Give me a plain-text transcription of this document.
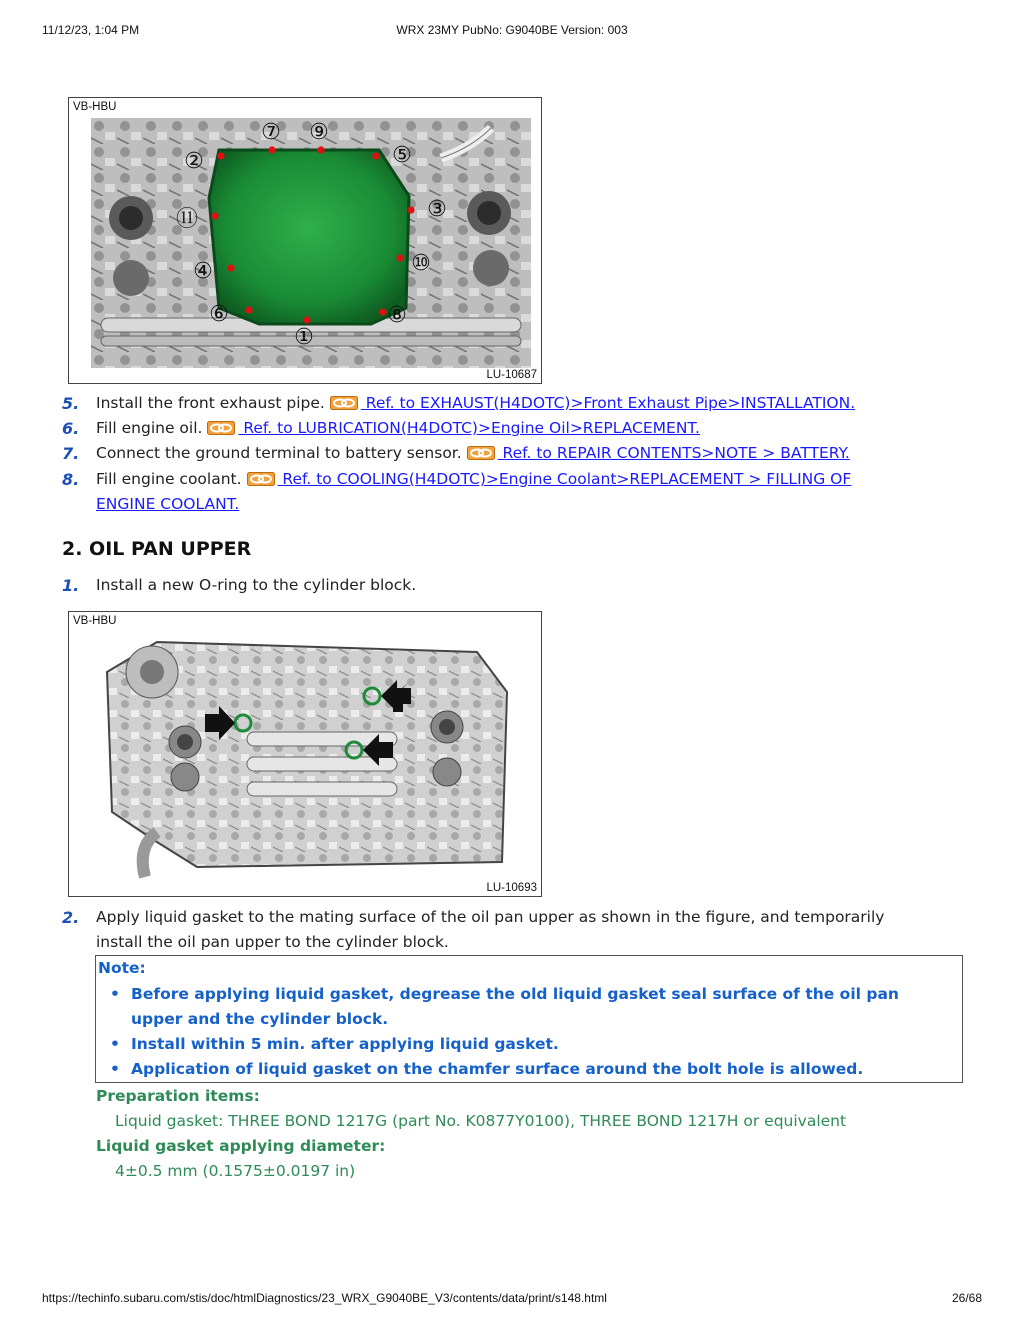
11/12/23, 1:04 PM	WRX 23MY PubNo: G9040BE Version: 003
VB-HBU
⑦ ⑨
②	⑤
⑪	③
④	⑩
⑥	⑧
①
LU-10687
5.	Install the front exhaust pipe.  Ref. to EXHAUST(H4DOTC)>Front Exhaust Pipe>INSTALLATION.
6.	Fill engine oil.  Ref. to LUBRICATION(H4DOTC)>Engine Oil>REPLACEMENT.
7.	Connect the ground terminal to battery sensor.  Ref. to REPAIR CONTENTS>NOTE > BATTERY.
8.	Fill engine coolant.  Ref. to COOLING(H4DOTC)>Engine Coolant>REPLACEMENT > FILLING OF
ENGINE COOLANT.
2. OIL PAN UPPER
1.	Install a new O-ring to the cylinder block.
VB-HBU
LU-10693
2.	Apply liquid gasket to the mating surface of the oil pan upper as shown in the figure, and temporarily
install the oil pan upper to the cylinder block.
Note:
• Before applying liquid gasket, degrease the old liquid gasket seal surface of the oil pan
upper and the cylinder block.
• Install within 5 min. after applying liquid gasket.
• Application of liquid gasket on the chamfer surface around the bolt hole is allowed.
Preparation items:
Liquid gasket: THREE BOND 1217G (part No. K0877Y0100), THREE BOND 1217H or equivalent
Liquid gasket applying diameter:
4±0.5 mm (0.1575±0.0197 in)
https://techinfo.subaru.com/stis/doc/htmlDiagnostics/23_WRX_G9040BE_V3/contents/data/print/s148.html	26/68
